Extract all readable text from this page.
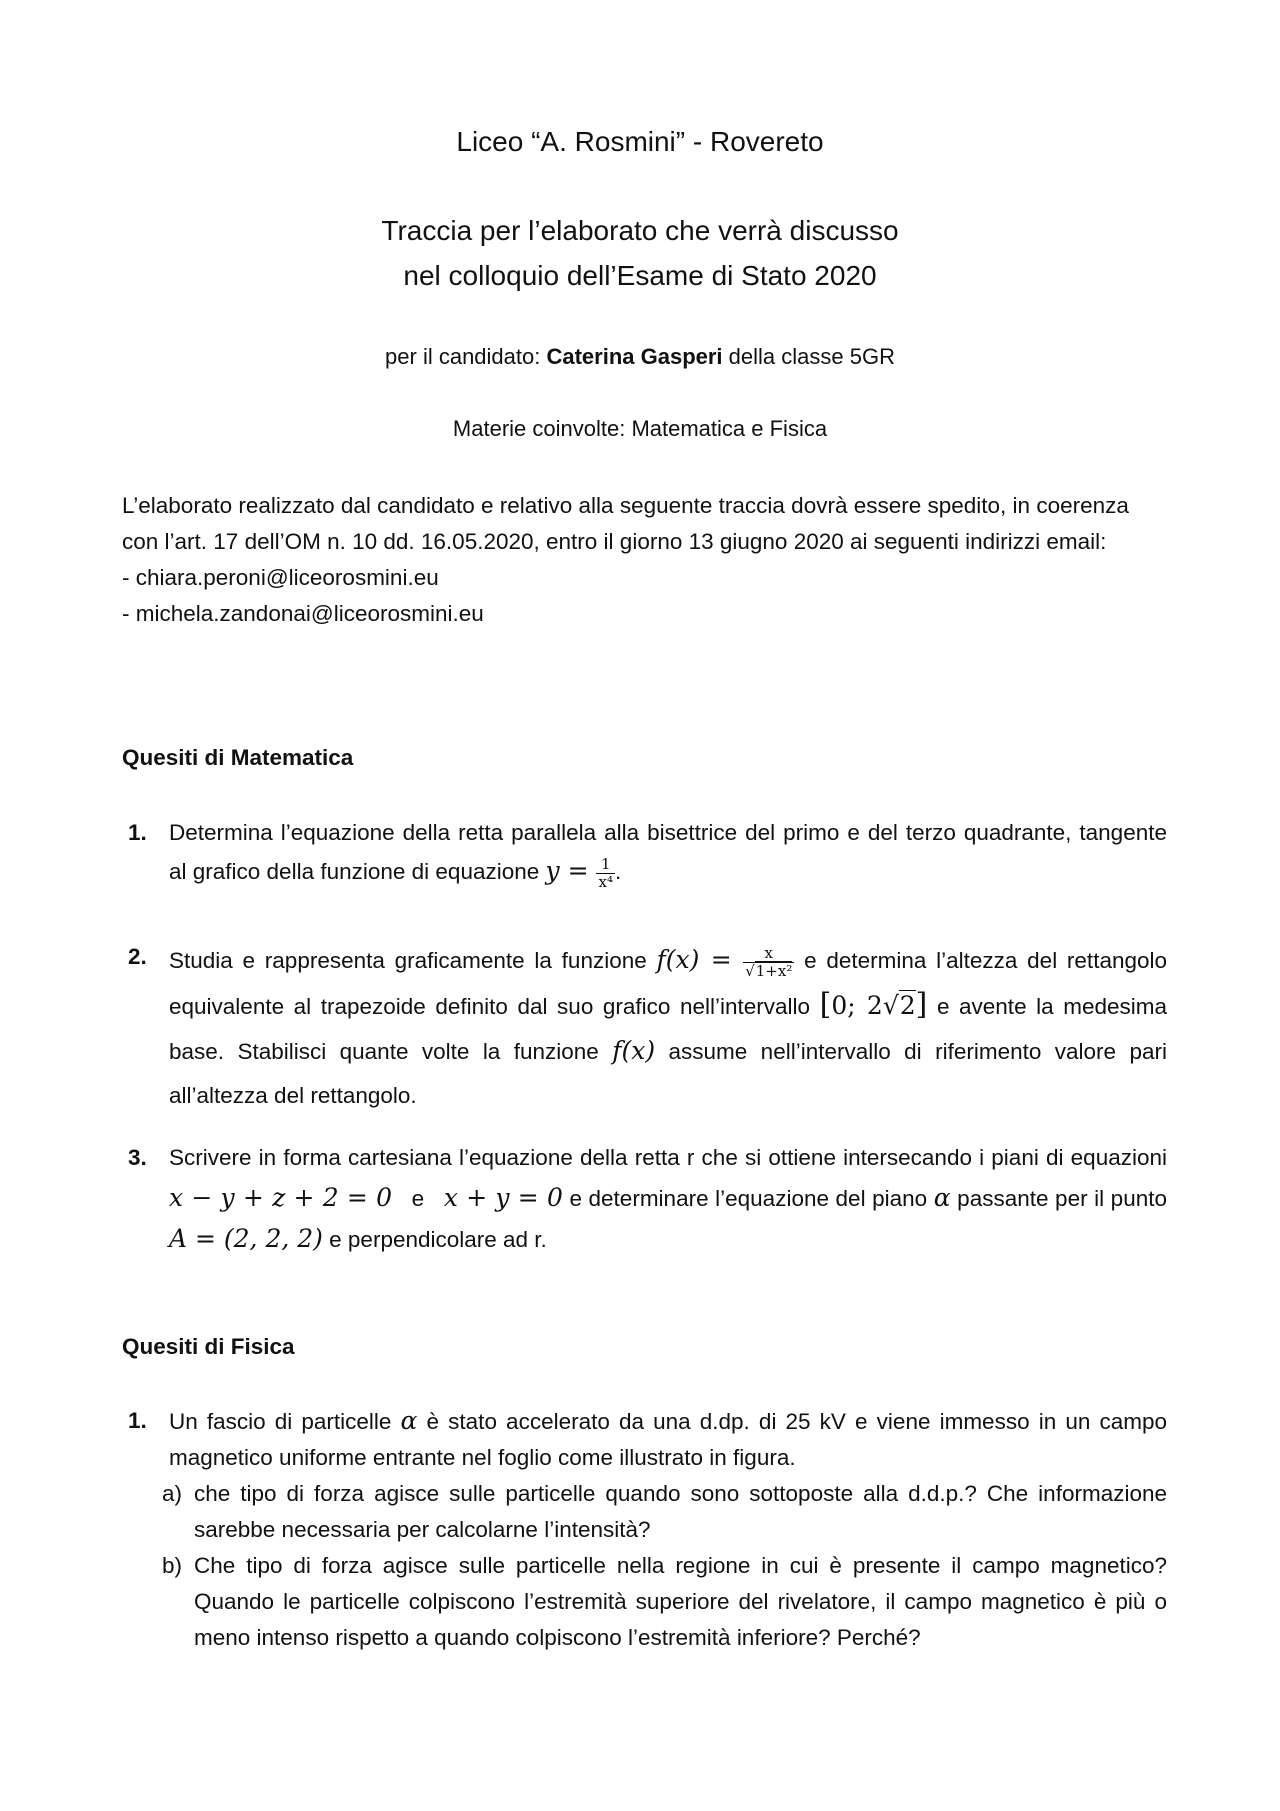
Liceo “A. Rosmini” - Rovereto
Traccia per l’elaborato che verrà discusso
nel colloquio dell’Esame di Stato 2020
per il candidato: Caterina Gasperi della classe 5GR
Materie coinvolte: Matematica e Fisica
L’elaborato realizzato dal candidato e relativo alla seguente traccia dovrà essere spedito, in coerenza con l’art. 17 dell’OM n. 10 dd. 16.05.2020, entro il giorno 13 giugno 2020 ai seguenti indirizzi email:
- chiara.peroni@liceorosmini.eu
- michela.zandonai@liceorosmini.eu
Quesiti di Matematica
1. Determina l’equazione della retta parallela alla bisettrice del primo e del terzo quadrante, tangente al grafico della funzione di equazione $y = \frac{1}{\text{x⁴}}$ .
2. Studia e rappresenta graficamente la funzione $f(x) = \frac{x}{\text{√1+x²}}$ e determina l’altezza del rettangolo equivalente al trapezoide definito dal suo grafico nell’intervallo [0; 2√2] e avente la medesima base. Stabilisci quante volte la funzione f(x) assume nell’intervallo di riferimento valore pari all’altezza del rettangolo.
3. Scrivere in forma cartesiana l’equazione della retta r che si ottiene intersecando i piani di equazioni x − y + z + 2 = 0   e   x + y = 0 e determinare l’equazione del piano α passante per il punto A = (2, 2, 2) e perpendicolare ad r.
Quesiti di Fisica
1. Un fascio di particelle α è stato accelerato da una d.dp. di 25 kV e viene immesso in un campo magnetico uniforme entrante nel foglio come illustrato in figura.
a) che tipo di forza agisce sulle particelle quando sono sottoposte alla d.d.p.? Che informazione sarebbe necessaria per calcolarne l’intensità?
b) Che tipo di forza agisce sulle particelle nella regione in cui è presente il campo magnetico? Quando le particelle colpiscono l’estremità superiore del rivelatore, il campo magnetico è più o meno intenso rispetto a quando colpiscono l’estremità inferiore? Perché?
